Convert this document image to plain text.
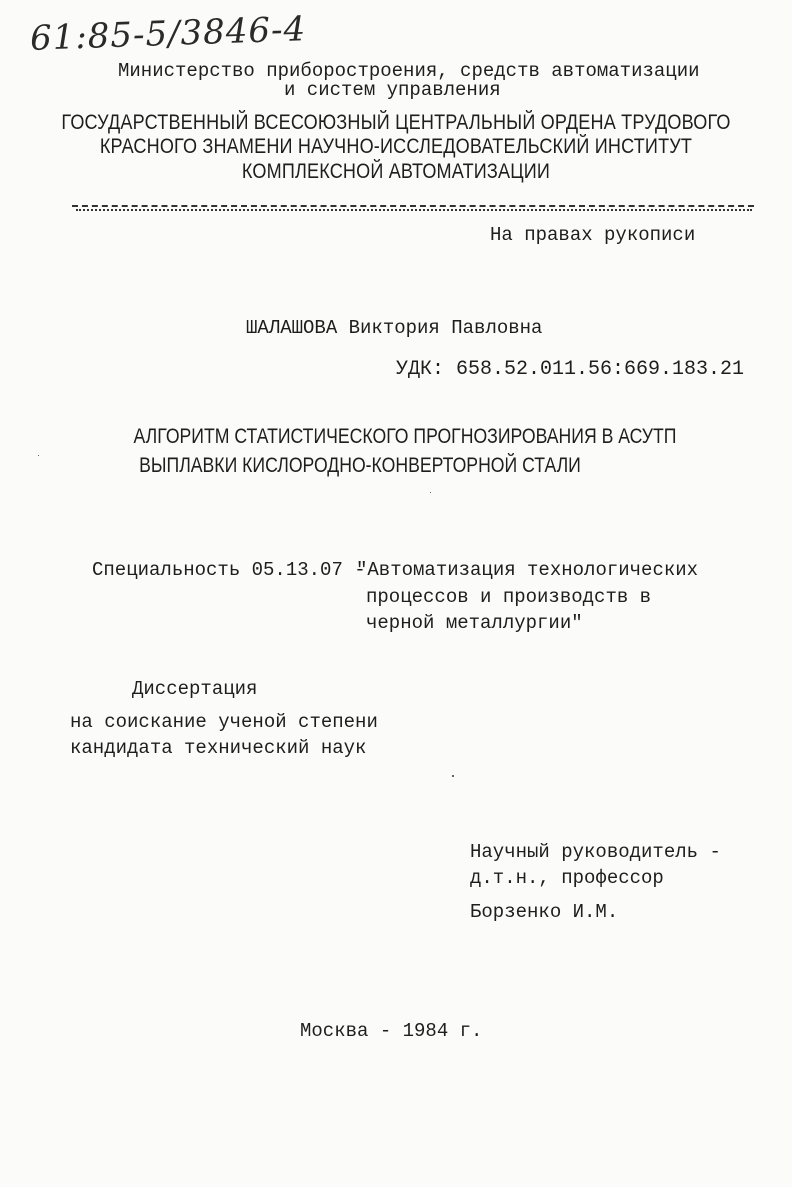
61:85-5/3846-4
Министерство приборостроения, средств автоматизации
и систем управления
ГОСУДАРСТВЕННЫЙ ВСЕСОЮЗНЫЙ ЦЕНТРАЛЬНЫЙ ОРДЕНА ТРУДОВОГО
КРАСНОГО ЗНАМЕНИ НАУЧНО-ИССЛЕДОВАТЕЛЬСКИЙ ИНСТИТУТ
КОМПЛЕКСНОЙ АВТОМАТИЗАЦИИ
На правах рукописи
ШАЛАШОВА Виктория Павловна
УДК: 658.52.011.56:669.183.21
АЛГОРИТМ СТАТИСТИЧЕСКОГО ПРОГНОЗИРОВАНИЯ В АСУТП
ВЫПЛАВКИ КИСЛОРОДНО-КОНВЕРТОРНОЙ СТАЛИ
Специальность 05.13.07 -
"Автоматизация технологических
процессов и производств в
черной металлургии"
Диссертация
на соискание ученой степени
кандидата технический наук
Научный руководитель -
д.т.н., профессор
Борзенко И.М.
Москва - 1984 г.
